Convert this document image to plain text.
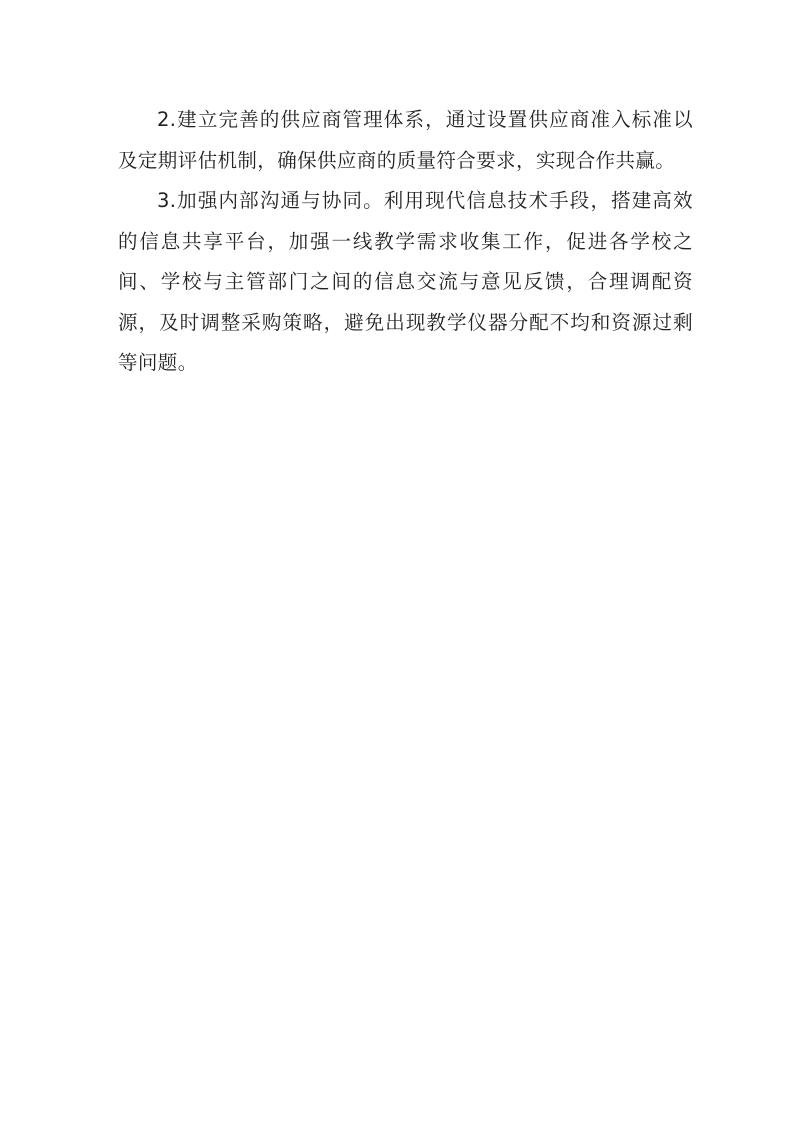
2.建立完善的供应商管理体系，通过设置供应商准入标准以及定期评估机制，确保供应商的质量符合要求，实现合作共赢。

3.加强内部沟通与协同。利用现代信息技术手段，搭建高效的信息共享平台，加强一线教学需求收集工作，促进各学校之间、学校与主管部门之间的信息交流与意见反馈，合理调配资源，及时调整采购策略，避免出现教学仪器分配不均和资源过剩等问题。
